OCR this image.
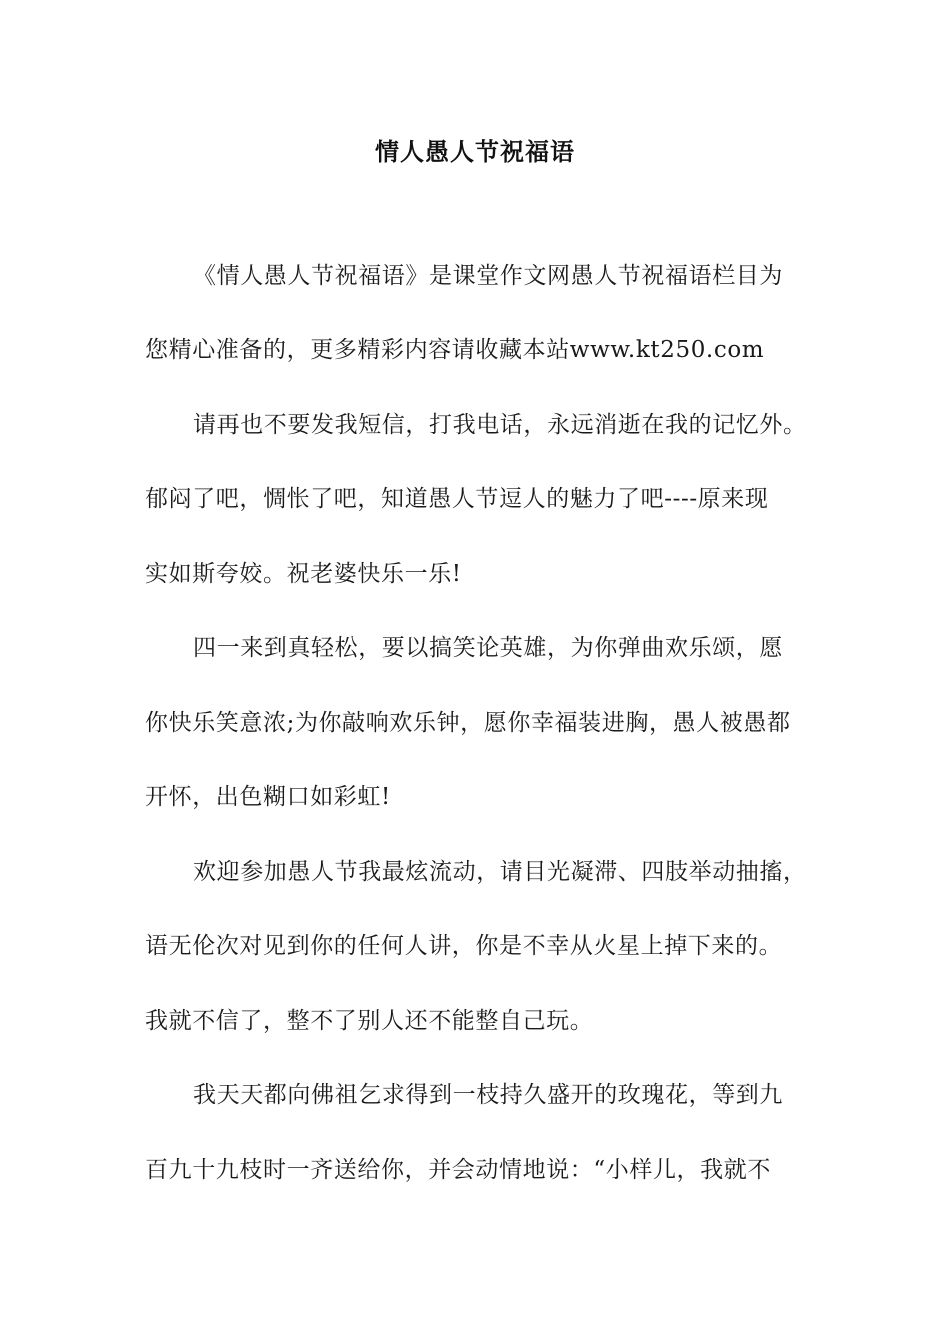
情人愚人节祝福语
《情人愚人节祝福语》是课堂作文网愚人节祝福语栏目为
您精心准备的，更多精彩内容请收藏本站www.kt250.com
请再也不要发我短信，打我电话，永远消逝在我的记忆外。
郁闷了吧，惆怅了吧，知道愚人节逗人的魅力了吧----原来现
实如斯夸姣。祝老婆快乐一乐!
四一来到真轻松，要以搞笑论英雄，为你弹曲欢乐颂，愿
你快乐笑意浓;为你敲响欢乐钟，愿你幸福装进胸，愚人被愚都
开怀，出色糊口如彩虹!
欢迎参加愚人节我最炫流动，请目光凝滞、四肢举动抽搐，
语无伦次对见到你的任何人讲，你是不幸从火星上掉下来的。
我就不信了，整不了别人还不能整自己玩。
我天天都向佛祖乞求得到一枝持久盛开的玫瑰花，等到九
百九十九枝时一齐送给你，并会动情地说：“小样儿，我就不
